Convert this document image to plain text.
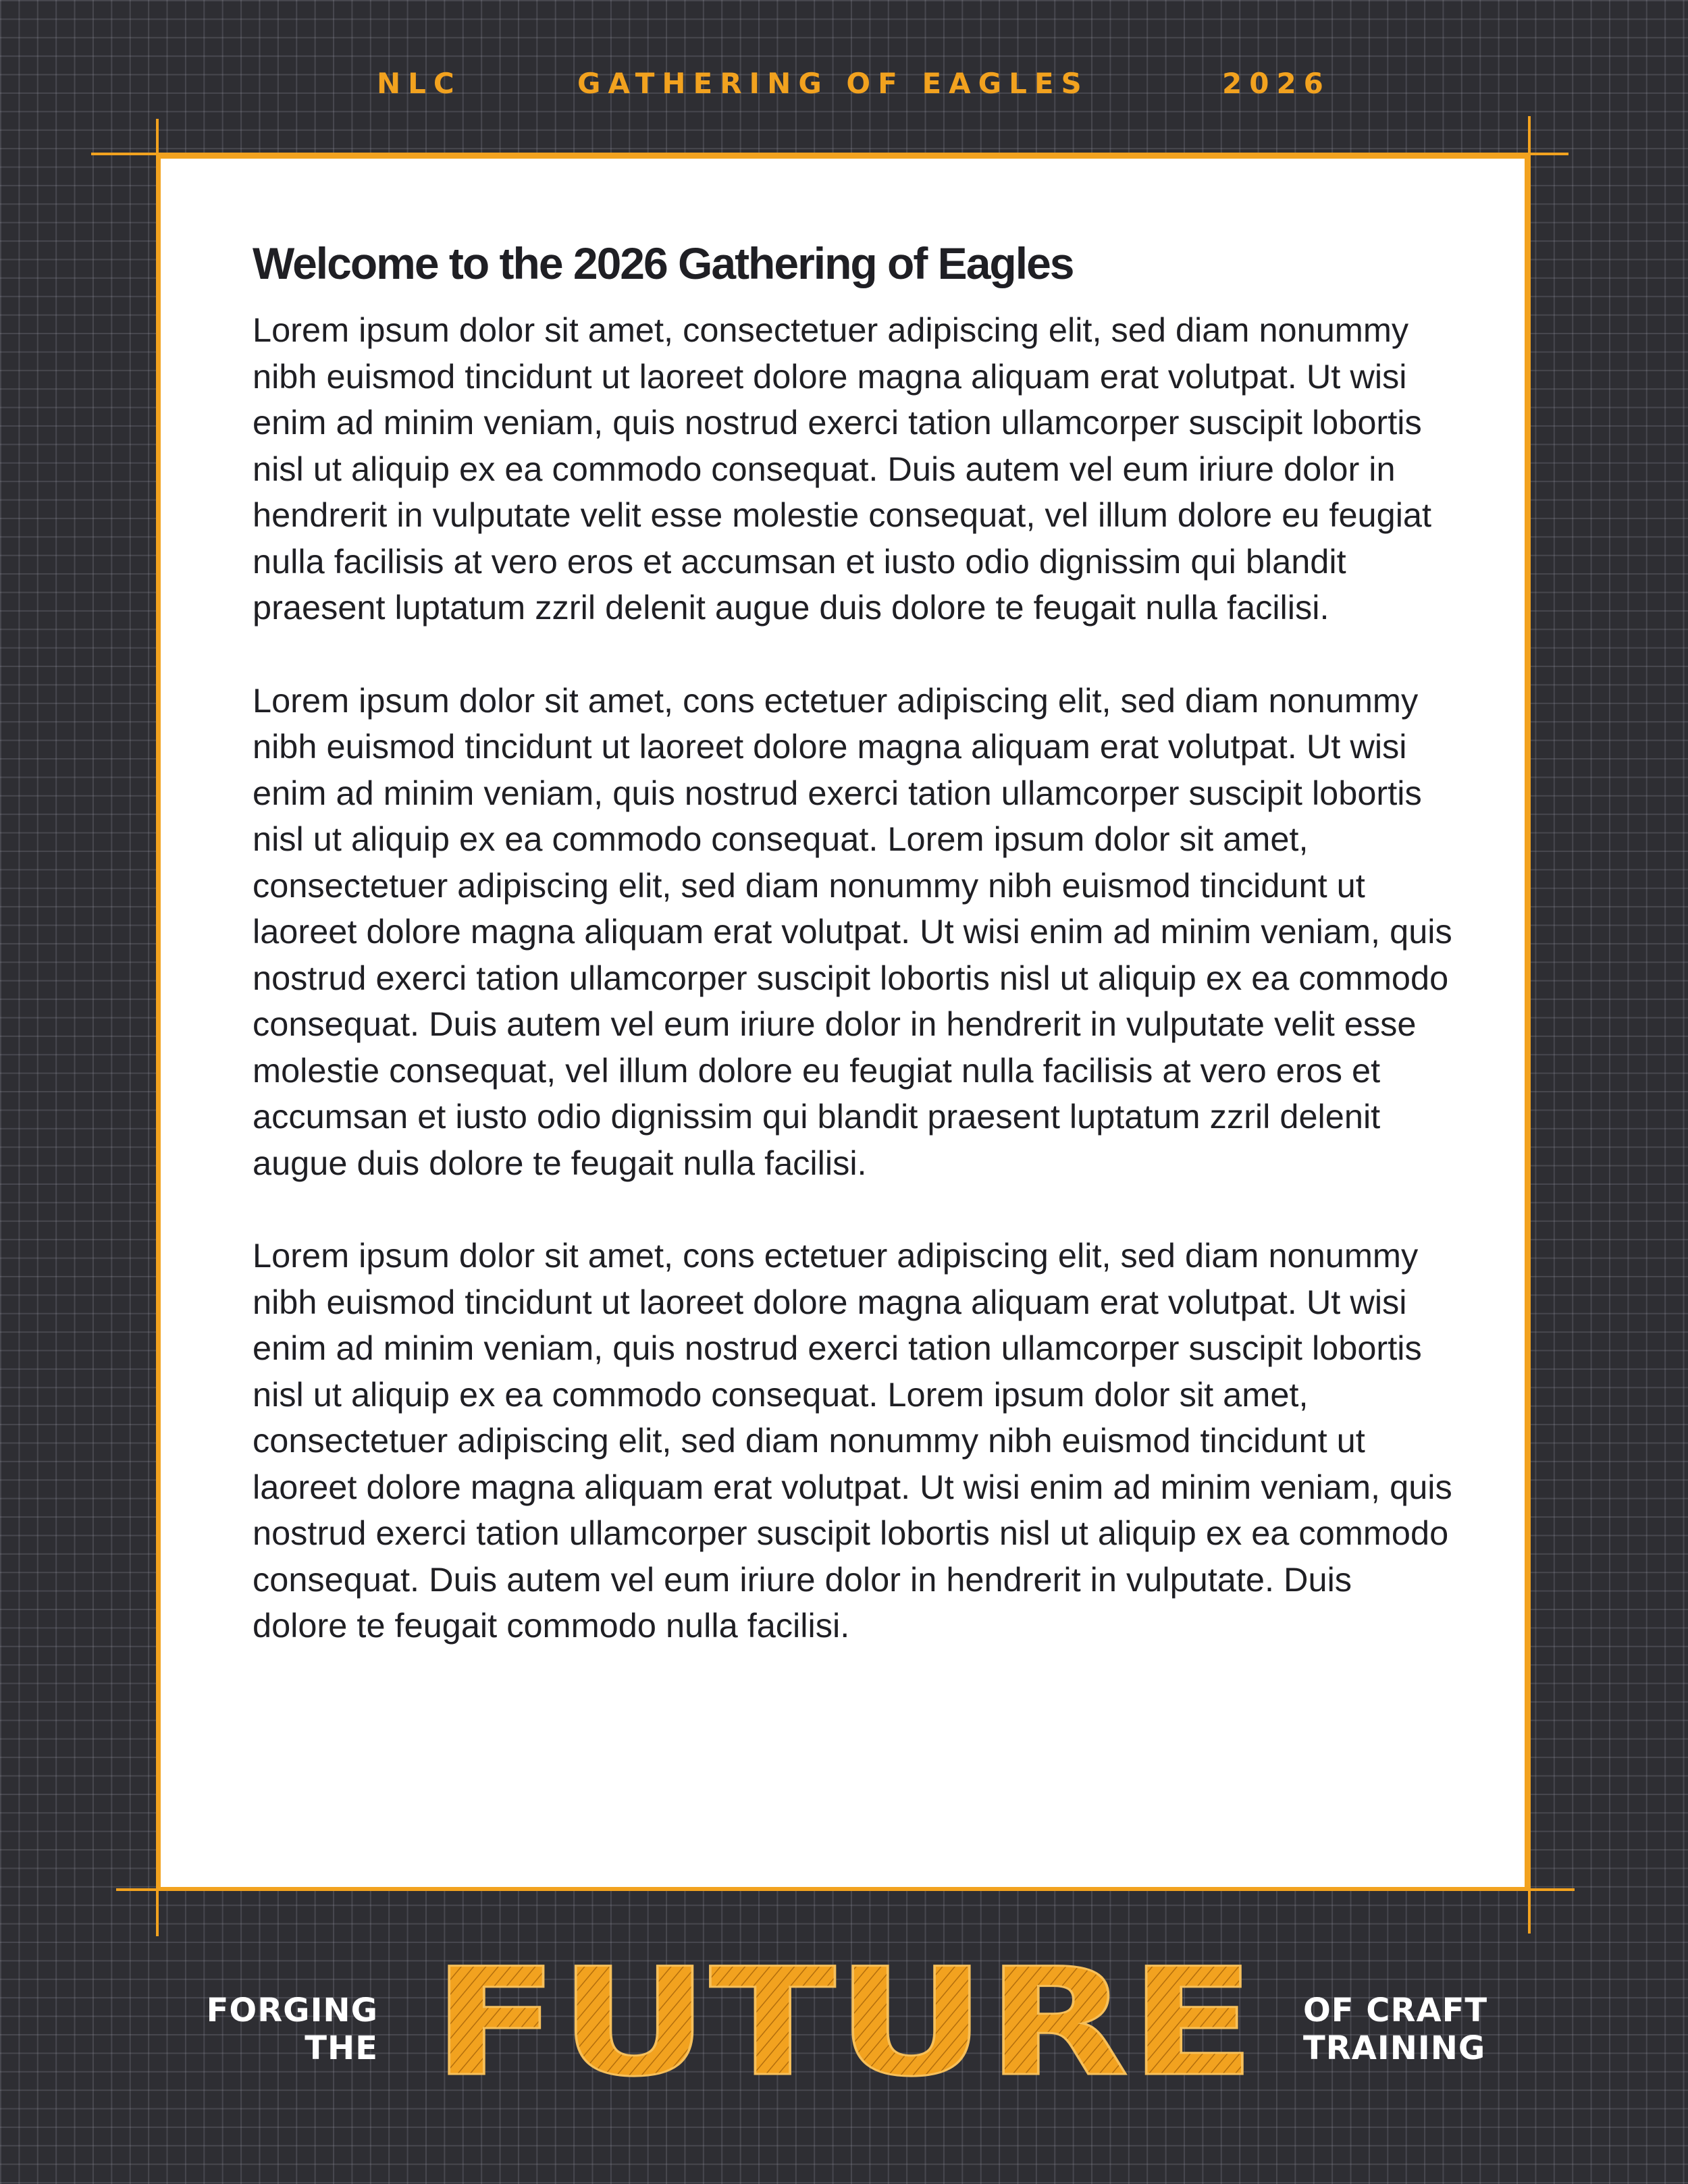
NLC	GATHERING OF EAGLES	2026
Welcome to the 2026 Gathering of Eagles

Lorem ipsum dolor sit amet, consectetuer adipiscing elit, sed diam nonummy nibh euismod tincidunt ut laoreet dolore magna aliquam erat volutpat. Ut wisi enim ad minim veniam, quis nostrud exerci tation ullamcorper suscipit lobortis nisl ut aliquip ex ea commodo consequat. Duis autem vel eum iriure dolor in hendrerit in vulputate velit esse molestie consequat, vel illum dolore eu feugiat nulla facilisis at vero eros et accumsan et iusto odio dignissim qui blandit praesent luptatum zzril delenit augue duis dolore te feugait nulla facilisi.

Lorem ipsum dolor sit amet, cons ectetuer adipiscing elit, sed diam nonummy nibh euismod tincidunt ut laoreet dolore magna aliquam erat volutpat. Ut wisi enim ad minim veniam, quis nostrud exerci tation ullamcorper suscipit lobortis nisl ut aliquip ex ea commodo consequat. Lorem ipsum dolor sit amet, consectetuer adipiscing elit, sed diam nonummy nibh euismod tincidunt ut laoreet dolore magna aliquam erat volutpat. Ut wisi enim ad minim veniam, quis nostrud exerci tation ullamcorper suscipit lobortis nisl ut aliquip ex ea commodo consequat. Duis autem vel eum iriure dolor in hendrerit in vulputate velit esse molestie consequat, vel illum dolore eu feugiat nulla facilisis at vero eros et accumsan et iusto odio dignissim qui blandit praesent luptatum zzril delenit augue duis dolore te feugait nulla facilisi.

Lorem ipsum dolor sit amet, cons ectetuer adipiscing elit, sed diam nonummy nibh euismod tincidunt ut laoreet dolore magna aliquam erat volutpat. Ut wisi enim ad minim veniam, quis nostrud exerci tation ullamcorper suscipit lobortis nisl ut aliquip ex ea commodo consequat. Lorem ipsum dolor sit amet, consectetuer adipiscing elit, sed diam nonummy nibh euismod tincidunt ut laoreet dolore magna aliquam erat volutpat. Ut wisi enim ad minim veniam, quis nostrud exerci tation ullamcorper suscipit lobortis nisl ut aliquip ex ea commodo consequat. Duis autem vel eum iriure dolor in hendrerit in vulputate. Duis dolore te feugait commodo nulla facilisi.

FORGING
THE FUTURE OF CRAFT
TRAINING
